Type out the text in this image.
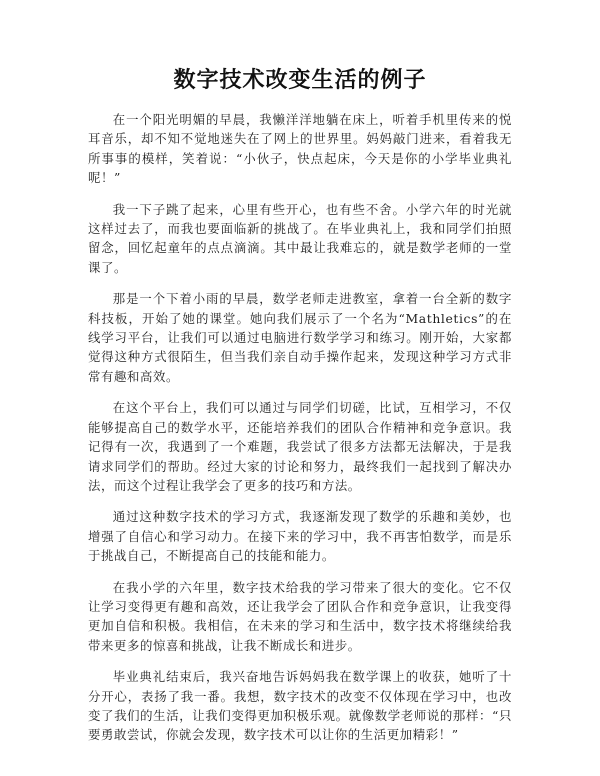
数字技术改变生活的例子

在一个阳光明媚的早晨，我懒洋洋地躺在床上，听着手机里传来的悦耳音乐，却不知不觉地迷失在了网上的世界里。妈妈敲门进来，看着我无所事事的模样，笑着说：“小伙子，快点起床，今天是你的小学毕业典礼呢！”

我一下子跳了起来，心里有些开心，也有些不舍。小学六年的时光就这样过去了，而我也要面临新的挑战了。在毕业典礼上，我和同学们拍照留念，回忆起童年的点点滴滴。其中最让我难忘的，就是数学老师的一堂课了。

那是一个下着小雨的早晨，数学老师走进教室，拿着一台全新的数字科技板，开始了她的课堂。她向我们展示了一个名为“Mathletics”的在线学习平台，让我们可以通过电脑进行数学学习和练习。刚开始，大家都觉得这种方式很陌生，但当我们亲自动手操作起来，发现这种学习方式非常有趣和高效。

在这个平台上，我们可以通过与同学们切磋，比试，互相学习，不仅能够提高自己的数学水平，还能培养我们的团队合作精神和竞争意识。我记得有一次，我遇到了一个难题，我尝试了很多方法都无法解决，于是我请求同学们的帮助。经过大家的讨论和努力，最终我们一起找到了解决办法，而这个过程让我学会了更多的技巧和方法。

通过这种数字技术的学习方式，我逐渐发现了数学的乐趣和美妙，也增强了自信心和学习动力。在接下来的学习中，我不再害怕数学，而是乐于挑战自己，不断提高自己的技能和能力。

在我小学的六年里，数字技术给我的学习带来了很大的变化。它不仅让学习变得更有趣和高效，还让我学会了团队合作和竞争意识，让我变得更加自信和积极。我相信，在未来的学习和生活中，数字技术将继续给我带来更多的惊喜和挑战，让我不断成长和进步。

毕业典礼结束后，我兴奋地告诉妈妈我在数学课上的收获，她听了十分开心，表扬了我一番。我想，数字技术的改变不仅体现在学习中，也改变了我们的生活，让我们变得更加积极乐观。就像数学老师说的那样：“只要勇敢尝试，你就会发现，数字技术可以让你的生活更加精彩！”
